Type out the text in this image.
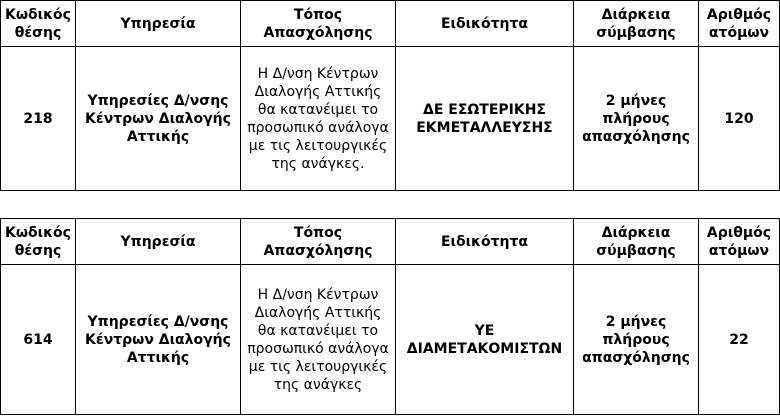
Κωδικός θέσης	Υπηρεσία	Τόπος Απασχόλησης	Ειδικότητα	Διάρκεια σύμβασης	Αριθμός ατόμων
218	Υπηρεσίες Δ/νσης Κέντρων Διαλογής Αττικής	Η Δ/νση Κέντρων Διαλογής Αττικής θα κατανέιμει το προσωπικό ανάλογα με τις λειτουργικές της ανάγκες.	ΔΕ ΕΣΩΤΕΡΙΚΗΣ ΕΚΜΕΤΑΛΛΕΥΣΗΣ	2 μήνες πλήρους απασχόλησης	120
Κωδικός θέσης	Υπηρεσία	Τόπος Απασχόλησης	Ειδικότητα	Διάρκεια σύμβασης	Αριθμός ατόμων
614	Υπηρεσίες Δ/νσης Κέντρων Διαλογής Αττικής	Η Δ/νση Κέντρων Διαλογής Αττικής θα κατανέιμει το προσωπικό ανάλογα με τις λειτουργικές της ανάγκες	ΥΕ ΔΙΑΜΕΤΑΚΟΜΙΣΤΩΝ	2 μήνες πλήρους απασχόλησης	22
